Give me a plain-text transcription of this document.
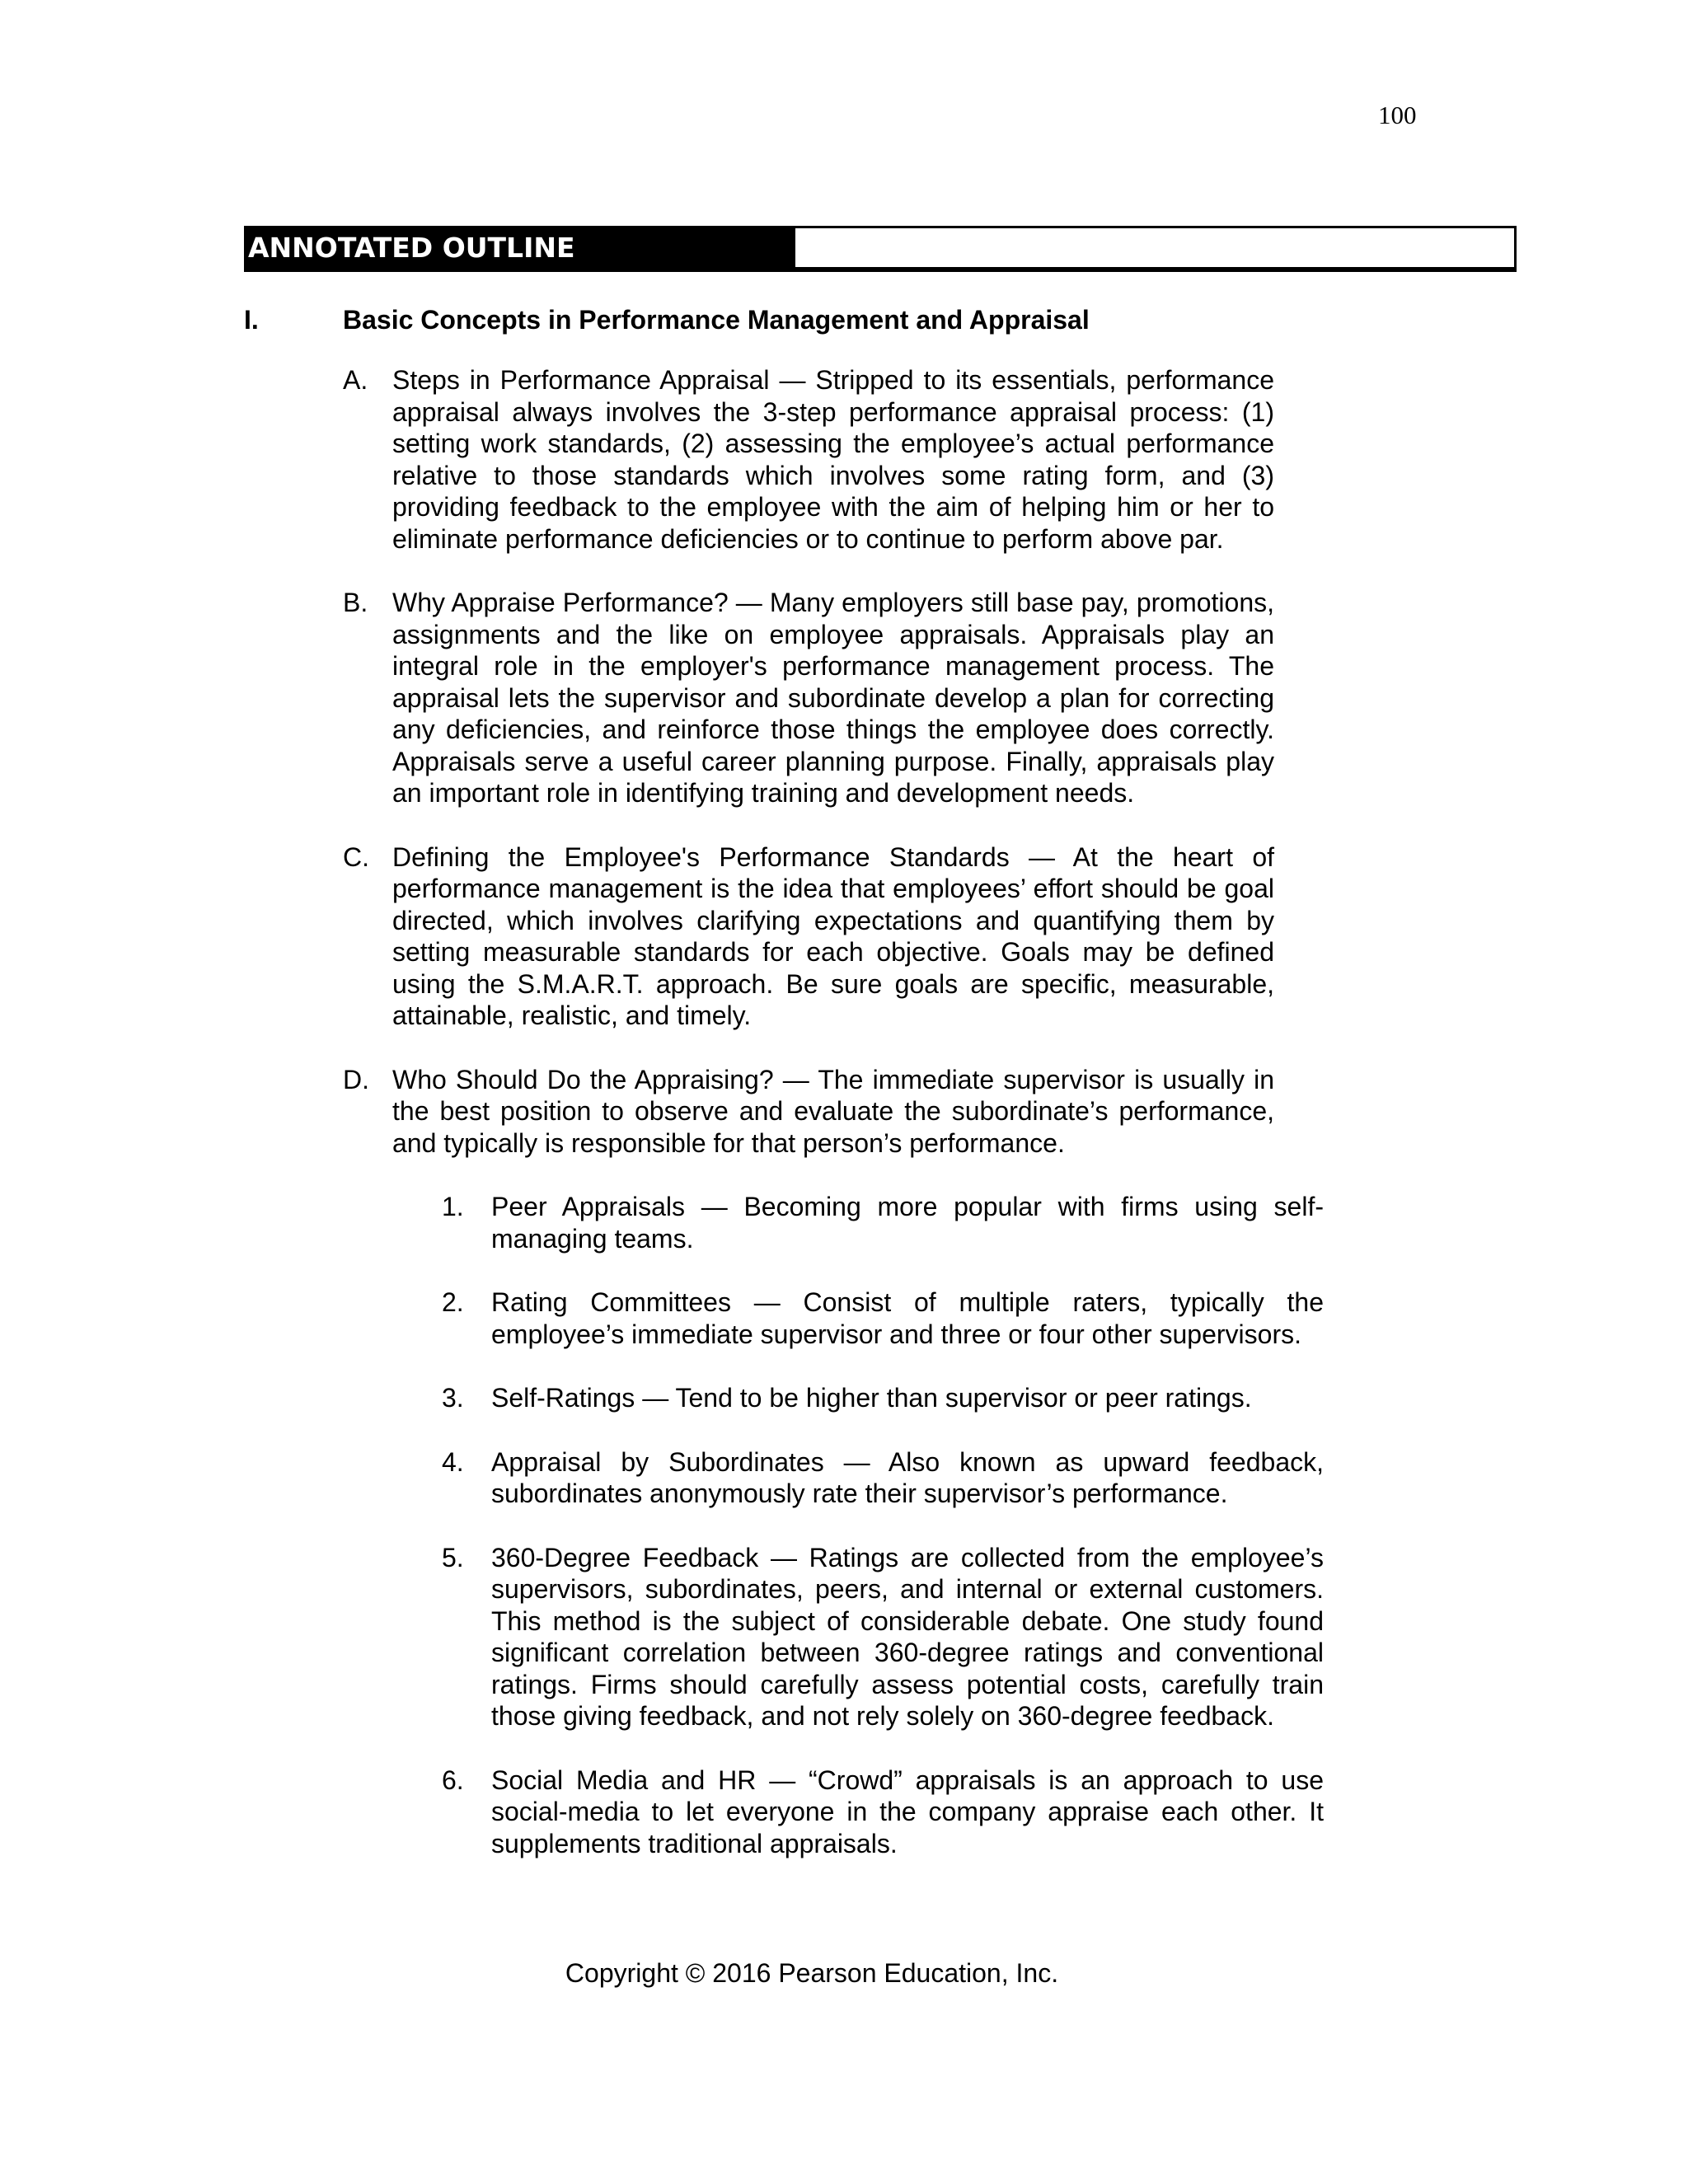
100
ANNOTATED OUTLINE
I.	Basic Concepts in Performance Management and Appraisal
A. Steps in Performance Appraisal — Stripped to its essentials, performance appraisal always involves the 3-step performance appraisal process: (1) setting work standards, (2) assessing the employee’s actual performance relative to those standards which involves some rating form, and (3) providing feedback to the employee with the aim of helping him or her to eliminate performance deficiencies or to continue to perform above par.
B. Why Appraise Performance? — Many employers still base pay, promotions, assignments and the like on employee appraisals. Appraisals play an integral role in the employer's performance management process. The appraisal lets the supervisor and subordinate develop a plan for correcting any deficiencies, and reinforce those things the employee does correctly. Appraisals serve a useful career planning purpose. Finally, appraisals play an important role in identifying training and development needs.
C. Defining the Employee's Performance Standards — At the heart of performance management is the idea that employees’ effort should be goal directed, which involves clarifying expectations and quantifying them by setting measurable standards for each objective. Goals may be defined using the S.M.A.R.T. approach. Be sure goals are specific, measurable, attainable, realistic, and timely.
D. Who Should Do the Appraising? — The immediate supervisor is usually in the best position to observe and evaluate the subordinate’s performance, and typically is responsible for that person’s performance.
1.	Peer Appraisals — Becoming more popular with firms using self-managing teams.
2.	Rating Committees — Consist of multiple raters, typically the employee’s immediate supervisor and three or four other supervisors.
3.	Self-Ratings — Tend to be higher than supervisor or peer ratings.
4.	Appraisal by Subordinates — Also known as upward feedback, subordinates anonymously rate their supervisor’s performance.
5.	360-Degree Feedback — Ratings are collected from the employee’s supervisors, subordinates, peers, and internal or external customers. This method is the subject of considerable debate. One study found significant correlation between 360-degree ratings and conventional ratings. Firms should carefully assess potential costs, carefully train those giving feedback, and not rely solely on 360-degree feedback.
6.	Social Media and HR — “Crowd” appraisals is an approach to use social-media to let everyone in the company appraise each other. It supplements traditional appraisals.
Copyright © 2016 Pearson Education, Inc.
